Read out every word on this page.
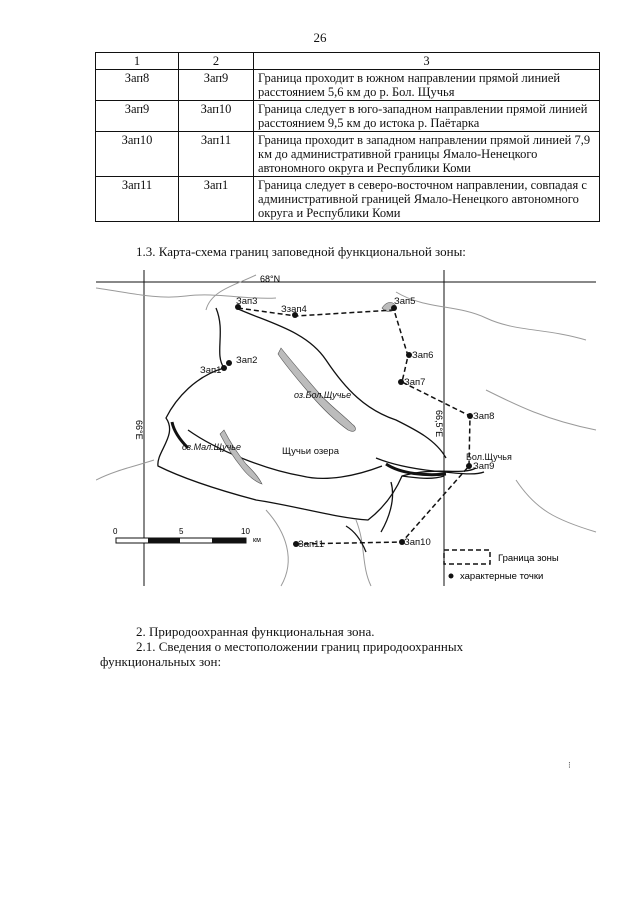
26
1	2	3
Зап8	Зап9	Граница проходит в южном направлении прямой линией расстоянием 5,6 км до р. Бол. Щучья
Зап9	Зап10	Граница следует в юго-западном направлении прямой линией расстоянием 9,5 км до истока р. Паётарка
Зап10	Зап11	Граница проходит в западном направлении прямой линией 7,9 км до административной границы Ямало-Ненецкого автономного округа и Республики Коми
Зап11	Зап1	Граница следует в северо-восточном направлении, совпадая с административной границей Ямало-Ненецкого автономного округа и Республики Коми
1.3. Карта-схема границ заповедной функциональной зоны:
68°N
66°E	66,5°E
Зап3
Ззап4
Зап5
Зап6
Зап7
Зап8
Зап9
Зап10
Зап11
Зап1
Зап2
оз.Бол.Щучье
оз.Мал.Щучье	Щучьи озера	Бол.Щучья
0	5	10
км
Граница зоны
характерные точки
2. Природоохранная функциональная зона.
2.1. Сведения о местоположении границ природоохранных
функциональных зон:
⁝
